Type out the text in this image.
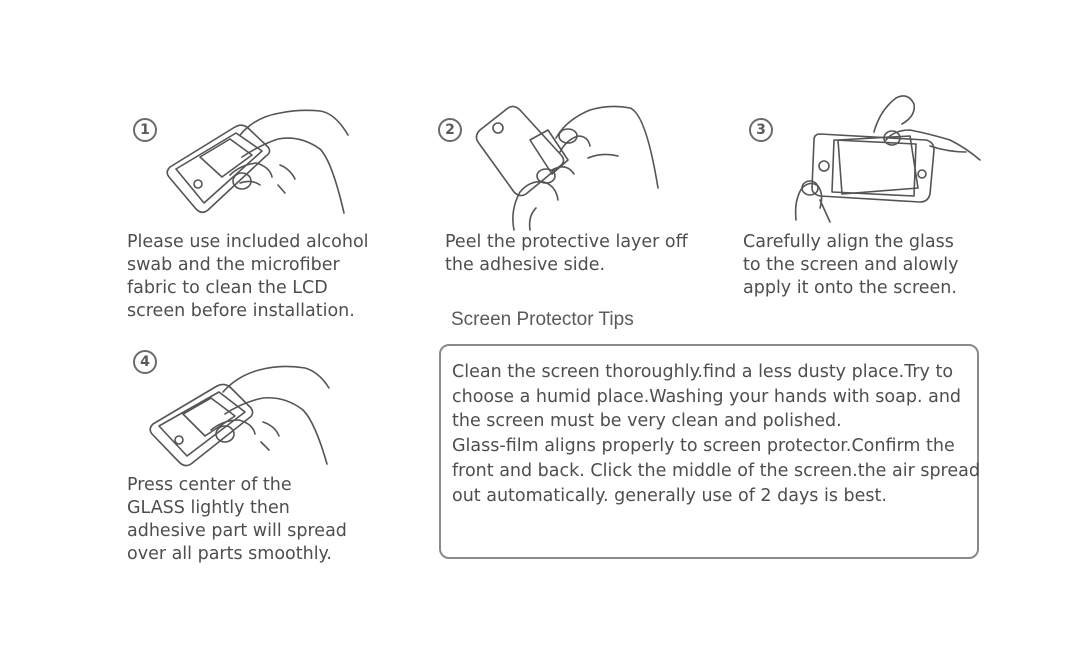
1
Please use included alcohol
swab and the microfiber
fabric to clean the LCD
screen before installation.
2
Peel the protective layer off
the adhesive side.
3
Carefully align the glass
to the screen and alowly
apply it onto the screen.
4
Press center of the
GLASS lightly then
adhesive part will spread
over all parts smoothly.
Screen Protector Tips

Clean the screen thoroughly.find a less dusty place.Try to

choose a humid place.Washing your hands with soap. and

the screen must be very clean and polished.

Glass-film aligns properly to screen protector.Confirm the

front and back. Click the middle of the screen.the air spread

out automatically. generally use of 2 days is best.
